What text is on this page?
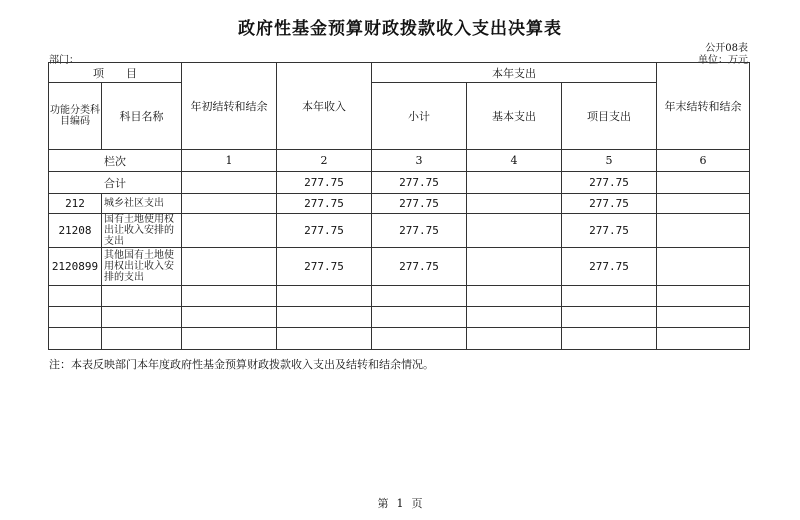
政府性基金预算财政拨款收入支出决算表
公开08表
部门：	单位：万元
项　　目		年初结转和结余	本年收入	本年支出			年末结转和结余
功能分类科目编码	科目名称			小计	基本支出	项目支出	
栏次		1	2	3	4	5	6
合计			277.75	277.75		277.75	
212	城乡社区支出		277.75	277.75		277.75	
21208	国有土地使用权出让收入安排的支出		277.75	277.75		277.75	
2120899	其他国有土地使用权出让收入安排的支出		277.75	277.75		277.75	

注：本表反映部门本年度政府性基金预算财政拨款收入支出及结转和结余情况。
第 1 页
